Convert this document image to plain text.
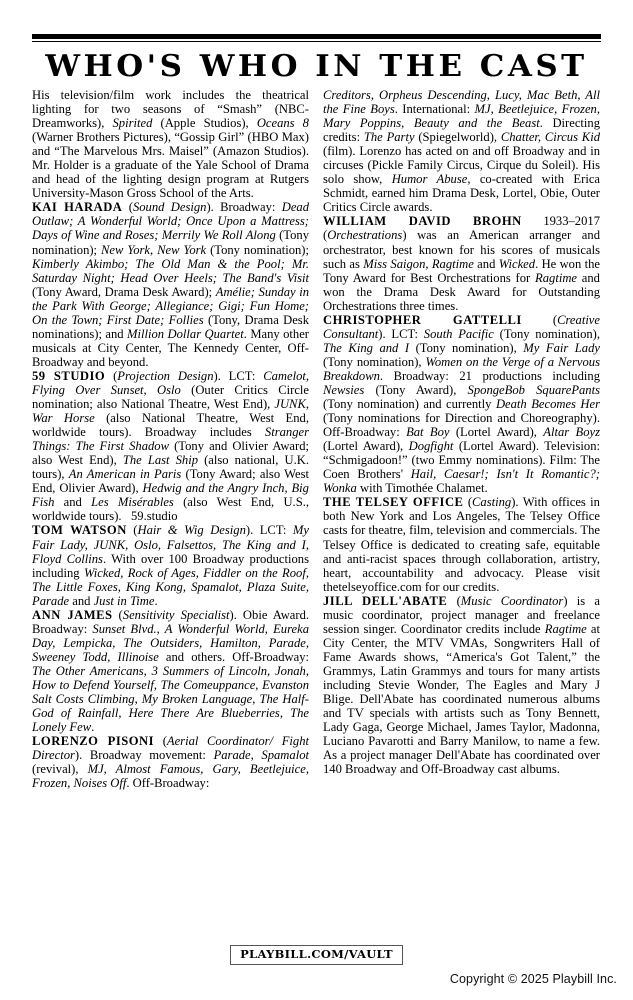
WHO'S WHO IN THE CAST

His television/film work includes the theatrical lighting for two seasons of “Smash” (NBC-Dreamworks), Spirited (Apple Studios), Oceans 8 (Warner Brothers Pictures), “Gossip Girl” (HBO Max) and “The Marvelous Mrs. Maisel” (Amazon Studios). Mr. Holder is a graduate of the Yale School of Drama and head of the lighting design program at Rutgers University-Mason Gross School of the Arts.

KAI HARADA (Sound Design). Broadway: Dead Outlaw; A Wonderful World; Once Upon a Mattress; Days of Wine and Roses; Merrily We Roll Along (Tony nomination); New York, New York (Tony nomination); Kimberly Akimbo; The Old Man & the Pool; Mr. Saturday Night; Head Over Heels; The Band's Visit (Tony Award, Drama Desk Award); Amélie; Sunday in the Park With George; Allegiance; Gigi; Fun Home; On the Town; First Date; Follies (Tony, Drama Desk nominations); and Million Dollar Quartet. Many other musicals at City Center, The Kennedy Center, Off-Broadway and beyond.

59 STUDIO (Projection Design). LCT: Camelot, Flying Over Sunset, Oslo (Outer Critics Circle nomination; also National Theatre, West End), JUNK, War Horse (also National Theatre, West End, worldwide tours). Broadway includes Stranger Things: The First Shadow (Tony and Olivier Award; also West End), The Last Ship (also national, U.K. tours), An American in Paris (Tony Award; also West End, Olivier Award), Hedwig and the Angry Inch, Big Fish and Les Misérables (also West End, U.S., worldwide tours).  59.studio

TOM WATSON (Hair & Wig Design). LCT: My Fair Lady, JUNK, Oslo, Falsettos, The King and I, Floyd Collins. With over 100 Broadway productions including Wicked, Rock of Ages, Fiddler on the Roof, The Little Foxes, King Kong, Spamalot, Plaza Suite, Parade and Just in Time.

ANN JAMES (Sensitivity Specialist). Obie Award. Broadway: Sunset Blvd., A Wonderful World, Eureka Day, Lempicka, The Outsiders, Hamilton, Parade, Sweeney Todd, Illinoise and others. Off-Broadway: The Other Americans, 3 Summers of Lincoln, Jonah, How to Defend Yourself, The Comeuppance, Evanston Salt Costs Climbing, My Broken Language, The Half-God of Rainfall, Here There Are Blueberries, The Lonely Few.

LORENZO PISONI (Aerial Coordinator/ Fight Director). Broadway movement: Parade, Spamalot (revival), MJ, Almost Famous, Gary, Beetlejuice, Frozen, Noises Off. Off-Broadway:

Creditors, Orpheus Descending, Lucy, Mac Beth, All the Fine Boys. International: MJ, Beetlejuice, Frozen, Mary Poppins, Beauty and the Beast. Directing credits: The Party (Spiegelworld), Chatter, Circus Kid (film). Lorenzo has acted on and off Broadway and in circuses (Pickle Family Circus, Cirque du Soleil). His solo show, Humor Abuse, co-created with Erica Schmidt, earned him Drama Desk, Lortel, Obie, Outer Critics Circle awards.

WILLIAM DAVID BROHN 1933–2017 (Orchestrations) was an American arranger and orchestrator, best known for his scores of musicals such as Miss Saigon, Ragtime and Wicked. He won the Tony Award for Best Orchestrations for Ragtime and won the Drama Desk Award for Outstanding Orchestrations three times.

CHRISTOPHER GATTELLI (Creative Consultant). LCT: South Pacific (Tony nomination), The King and I (Tony nomination), My Fair Lady (Tony nomination), Women on the Verge of a Nervous Breakdown. Broadway: 21 productions including Newsies (Tony Award), SpongeBob SquarePants (Tony nomination) and currently Death Becomes Her (Tony nominations for Direction and Choreography). Off-Broadway: Bat Boy (Lortel Award), Altar Boyz (Lortel Award), Dogfight (Lortel Award). Television: “Schmigadoon!” (two Emmy nominations). Film: The Coen Brothers' Hail, Caesar!; Isn't It Romantic?; Wonka with Timothée Chalamet.

THE TELSEY OFFICE (Casting). With offices in both New York and Los Angeles, The Telsey Office casts for theatre, film, television and commercials. The Telsey Office is dedicated to creating safe, equitable and anti-racist spaces through collaboration, artistry, heart, accountability and advocacy. Please visit thetelseyoffice.com for our credits.

JILL DELL'ABATE (Music Coordinator) is a music coordinator, project manager and freelance session singer. Coordinator credits include Ragtime at City Center, the MTV VMAs, Songwriters Hall of Fame Awards shows, “America's Got Talent,” the Grammys, Latin Grammys and tours for many artists including Stevie Wonder, The Eagles and Mary J Blige. Dell'Abate has coordinated numerous albums and TV specials with artists such as Tony Bennett, Lady Gaga, George Michael, James Taylor, Madonna, Luciano Pavarotti and Barry Manilow, to name a few. As a project manager Dell'Abate has coordinated over 140 Broadway and Off-Broadway cast albums.

PLAYBILL.COM/VAULT
Copyright © 2025 Playbill Inc.
